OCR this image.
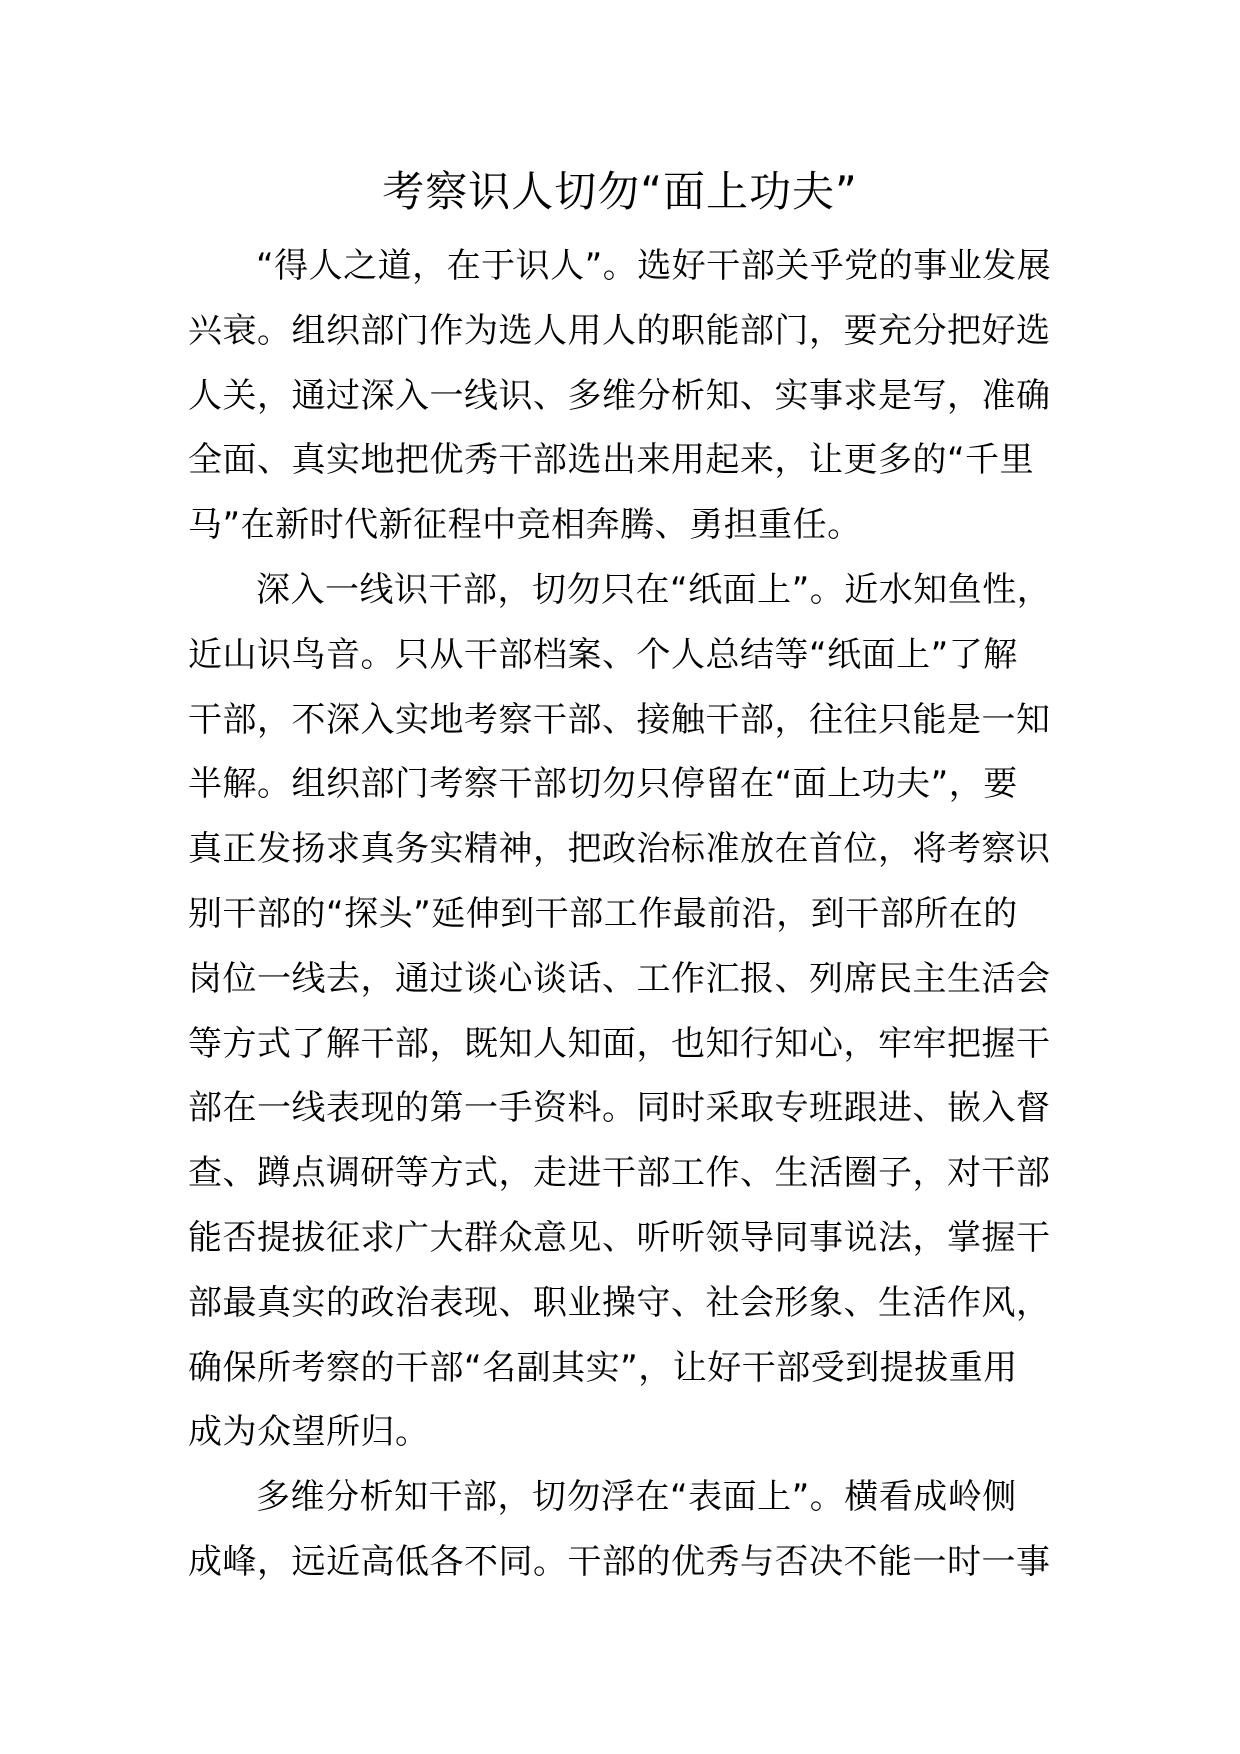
考察识人切勿“面上功夫”
“得人之道，在于识人”。选好干部关乎党的事业发展
兴衰。组织部门作为选人用人的职能部门，要充分把好选
人关，通过深入一线识、多维分析知、实事求是写，准确
全面、真实地把优秀干部选出来用起来，让更多的“千里
马”在新时代新征程中竞相奔腾、勇担重任。
深入一线识干部，切勿只在“纸面上”。近水知鱼性，
近山识鸟音。只从干部档案、个人总结等“纸面上”了解
干部，不深入实地考察干部、接触干部，往往只能是一知
半解。组织部门考察干部切勿只停留在“面上功夫”，要
真正发扬求真务实精神，把政治标准放在首位，将考察识
别干部的“探头”延伸到干部工作最前沿，到干部所在的
岗位一线去，通过谈心谈话、工作汇报、列席民主生活会
等方式了解干部，既知人知面，也知行知心，牢牢把握干
部在一线表现的第一手资料。同时采取专班跟进、嵌入督
查、蹲点调研等方式，走进干部工作、生活圈子，对干部
能否提拔征求广大群众意见、听听领导同事说法，掌握干
部最真实的政治表现、职业操守、社会形象、生活作风，
确保所考察的干部“名副其实”，让好干部受到提拔重用
成为众望所归。
多维分析知干部，切勿浮在“表面上”。横看成岭侧
成峰，远近高低各不同。干部的优秀与否决不能一时一事
